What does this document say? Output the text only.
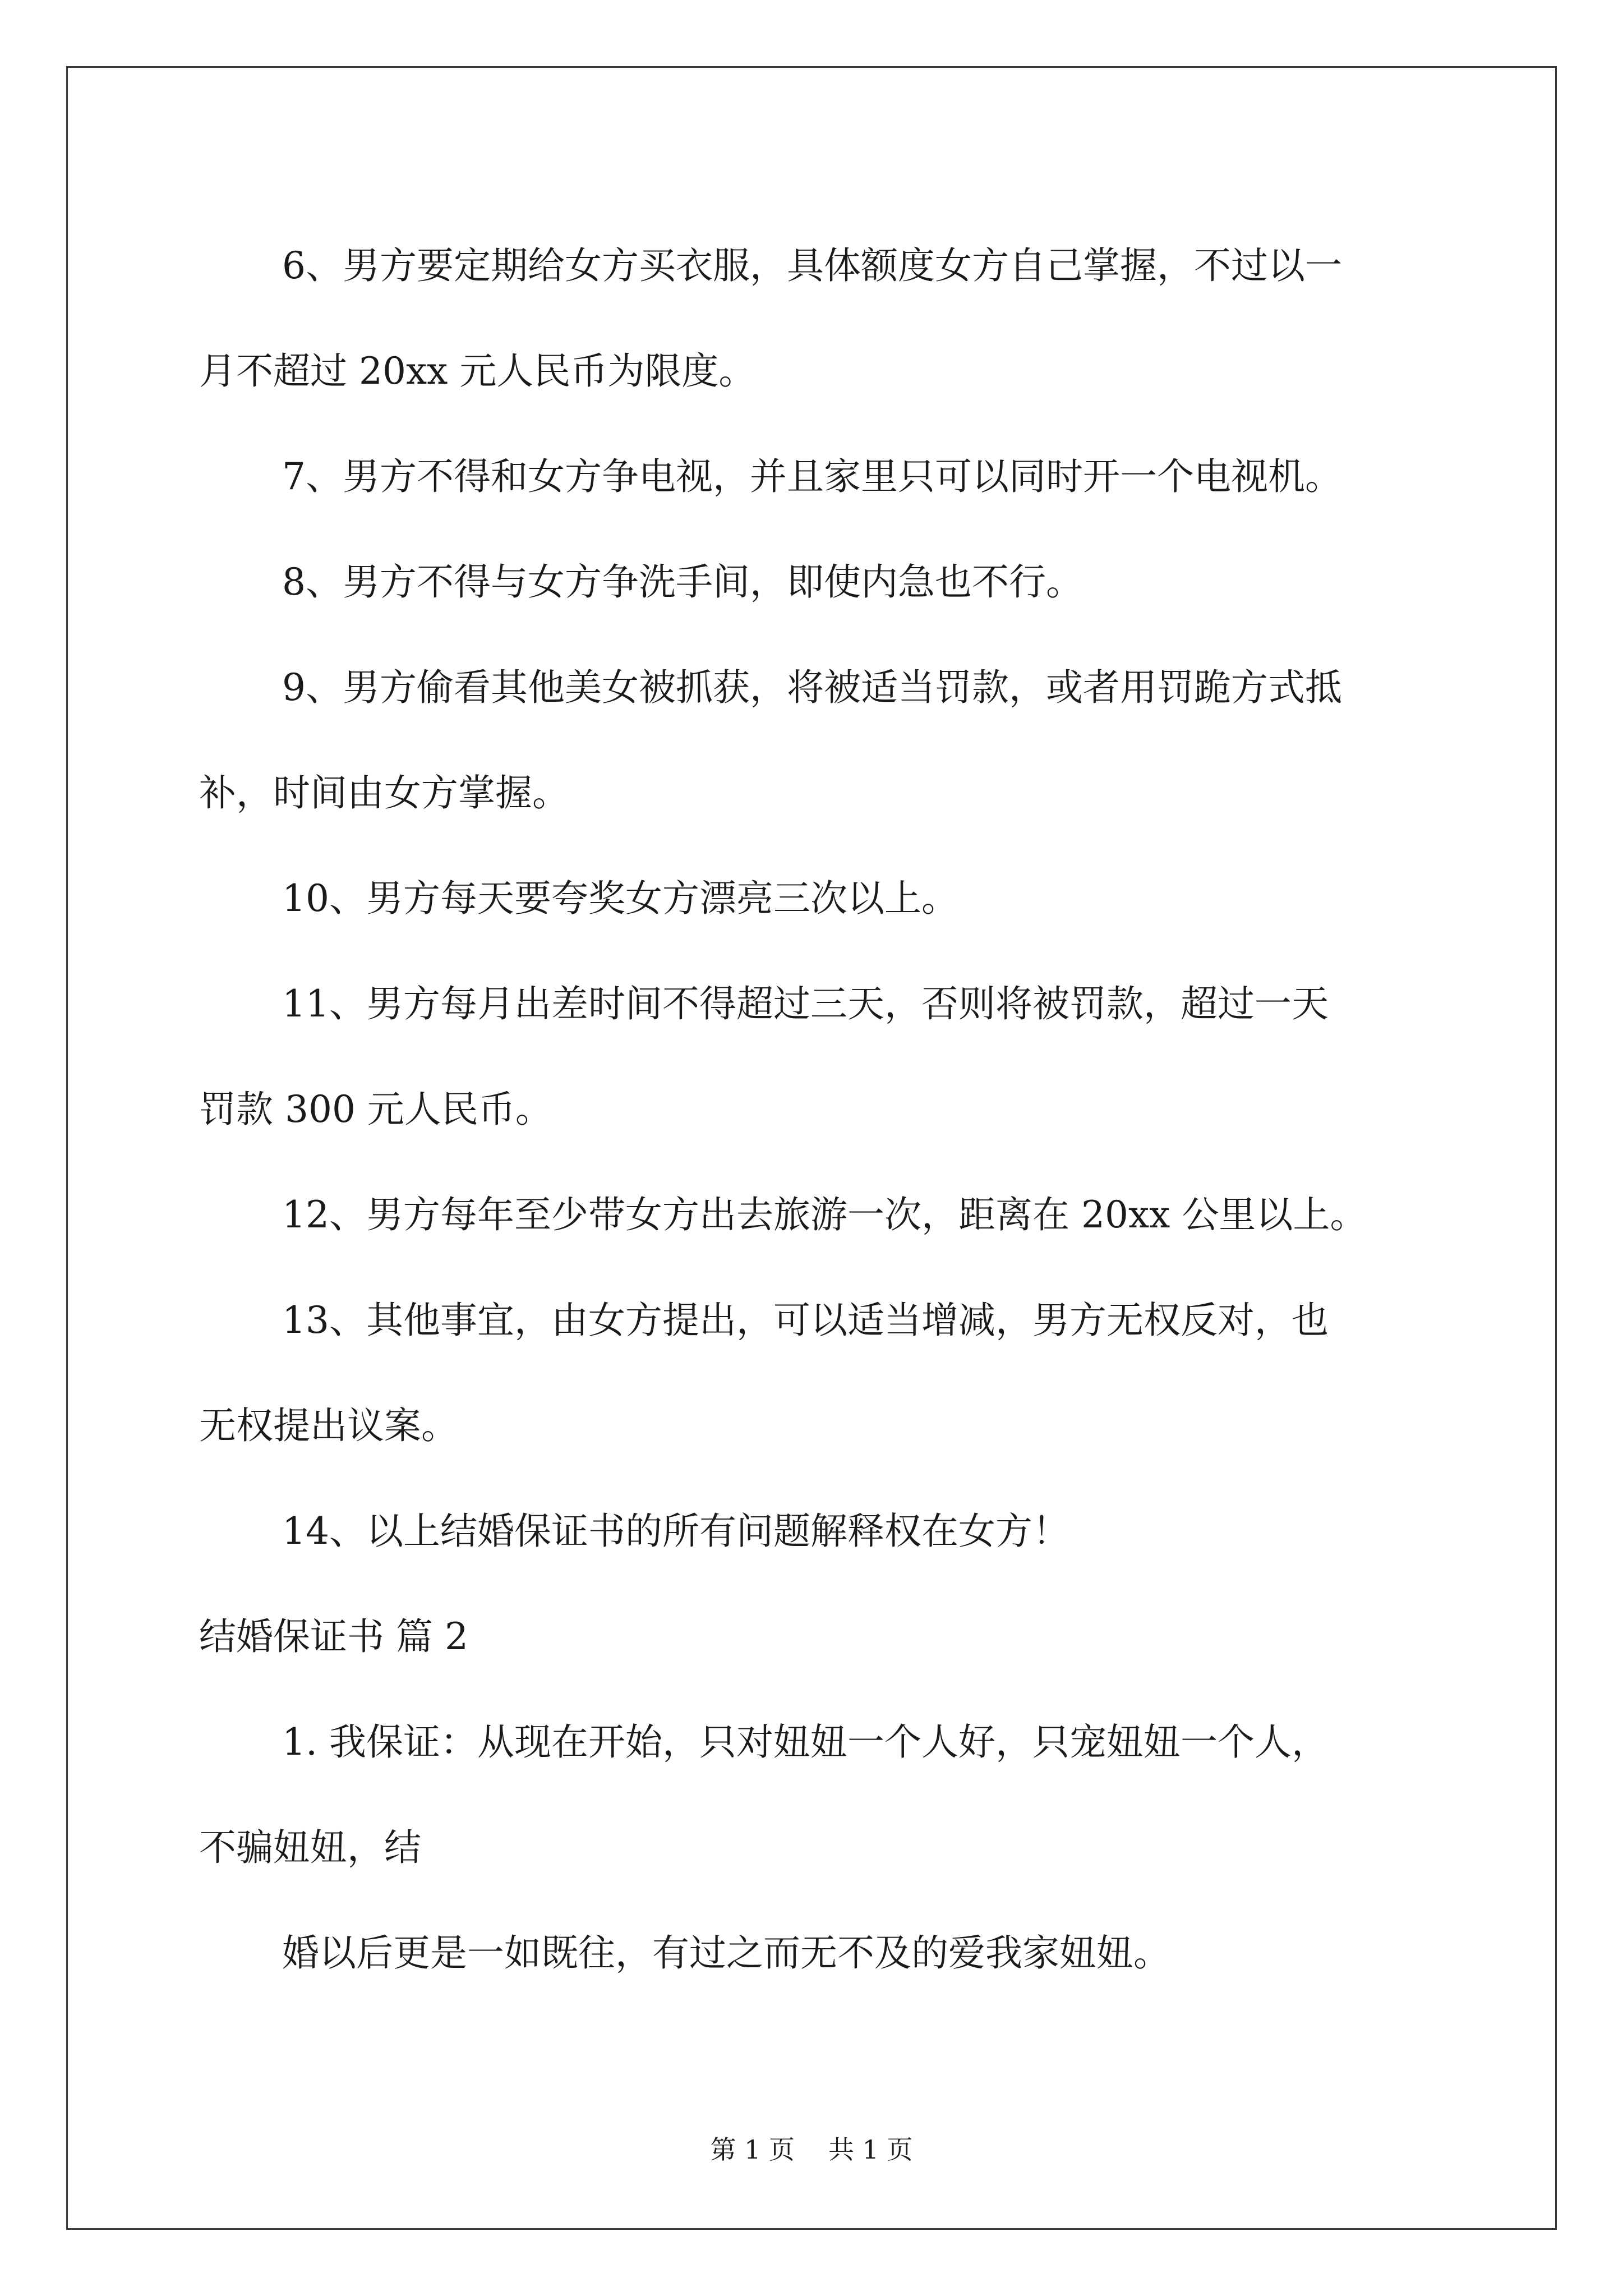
6、男方要定期给女方买衣服，具体额度女方自己掌握，不过以一

月不超过 20xx 元人民币为限度。

7、男方不得和女方争电视，并且家里只可以同时开一个电视机。

8、男方不得与女方争洗手间，即使内急也不行。

9、男方偷看其他美女被抓获，将被适当罚款，或者用罚跪方式抵

补，时间由女方掌握。

10、男方每天要夸奖女方漂亮三次以上。

11、男方每月出差时间不得超过三天，否则将被罚款，超过一天

罚款 300 元人民币。

12、男方每年至少带女方出去旅游一次，距离在 20xx 公里以上。

13、其他事宜，由女方提出，可以适当增减，男方无权反对，也

无权提出议案。

14、以上结婚保证书的所有问题解释权在女方！

结婚保证书 篇 2

1. 我保证：从现在开始，只对妞妞一个人好，只宠妞妞一个人，

不骗妞妞，结

婚以后更是一如既往，有过之而无不及的爱我家妞妞。

第 1 页 共 1 页
